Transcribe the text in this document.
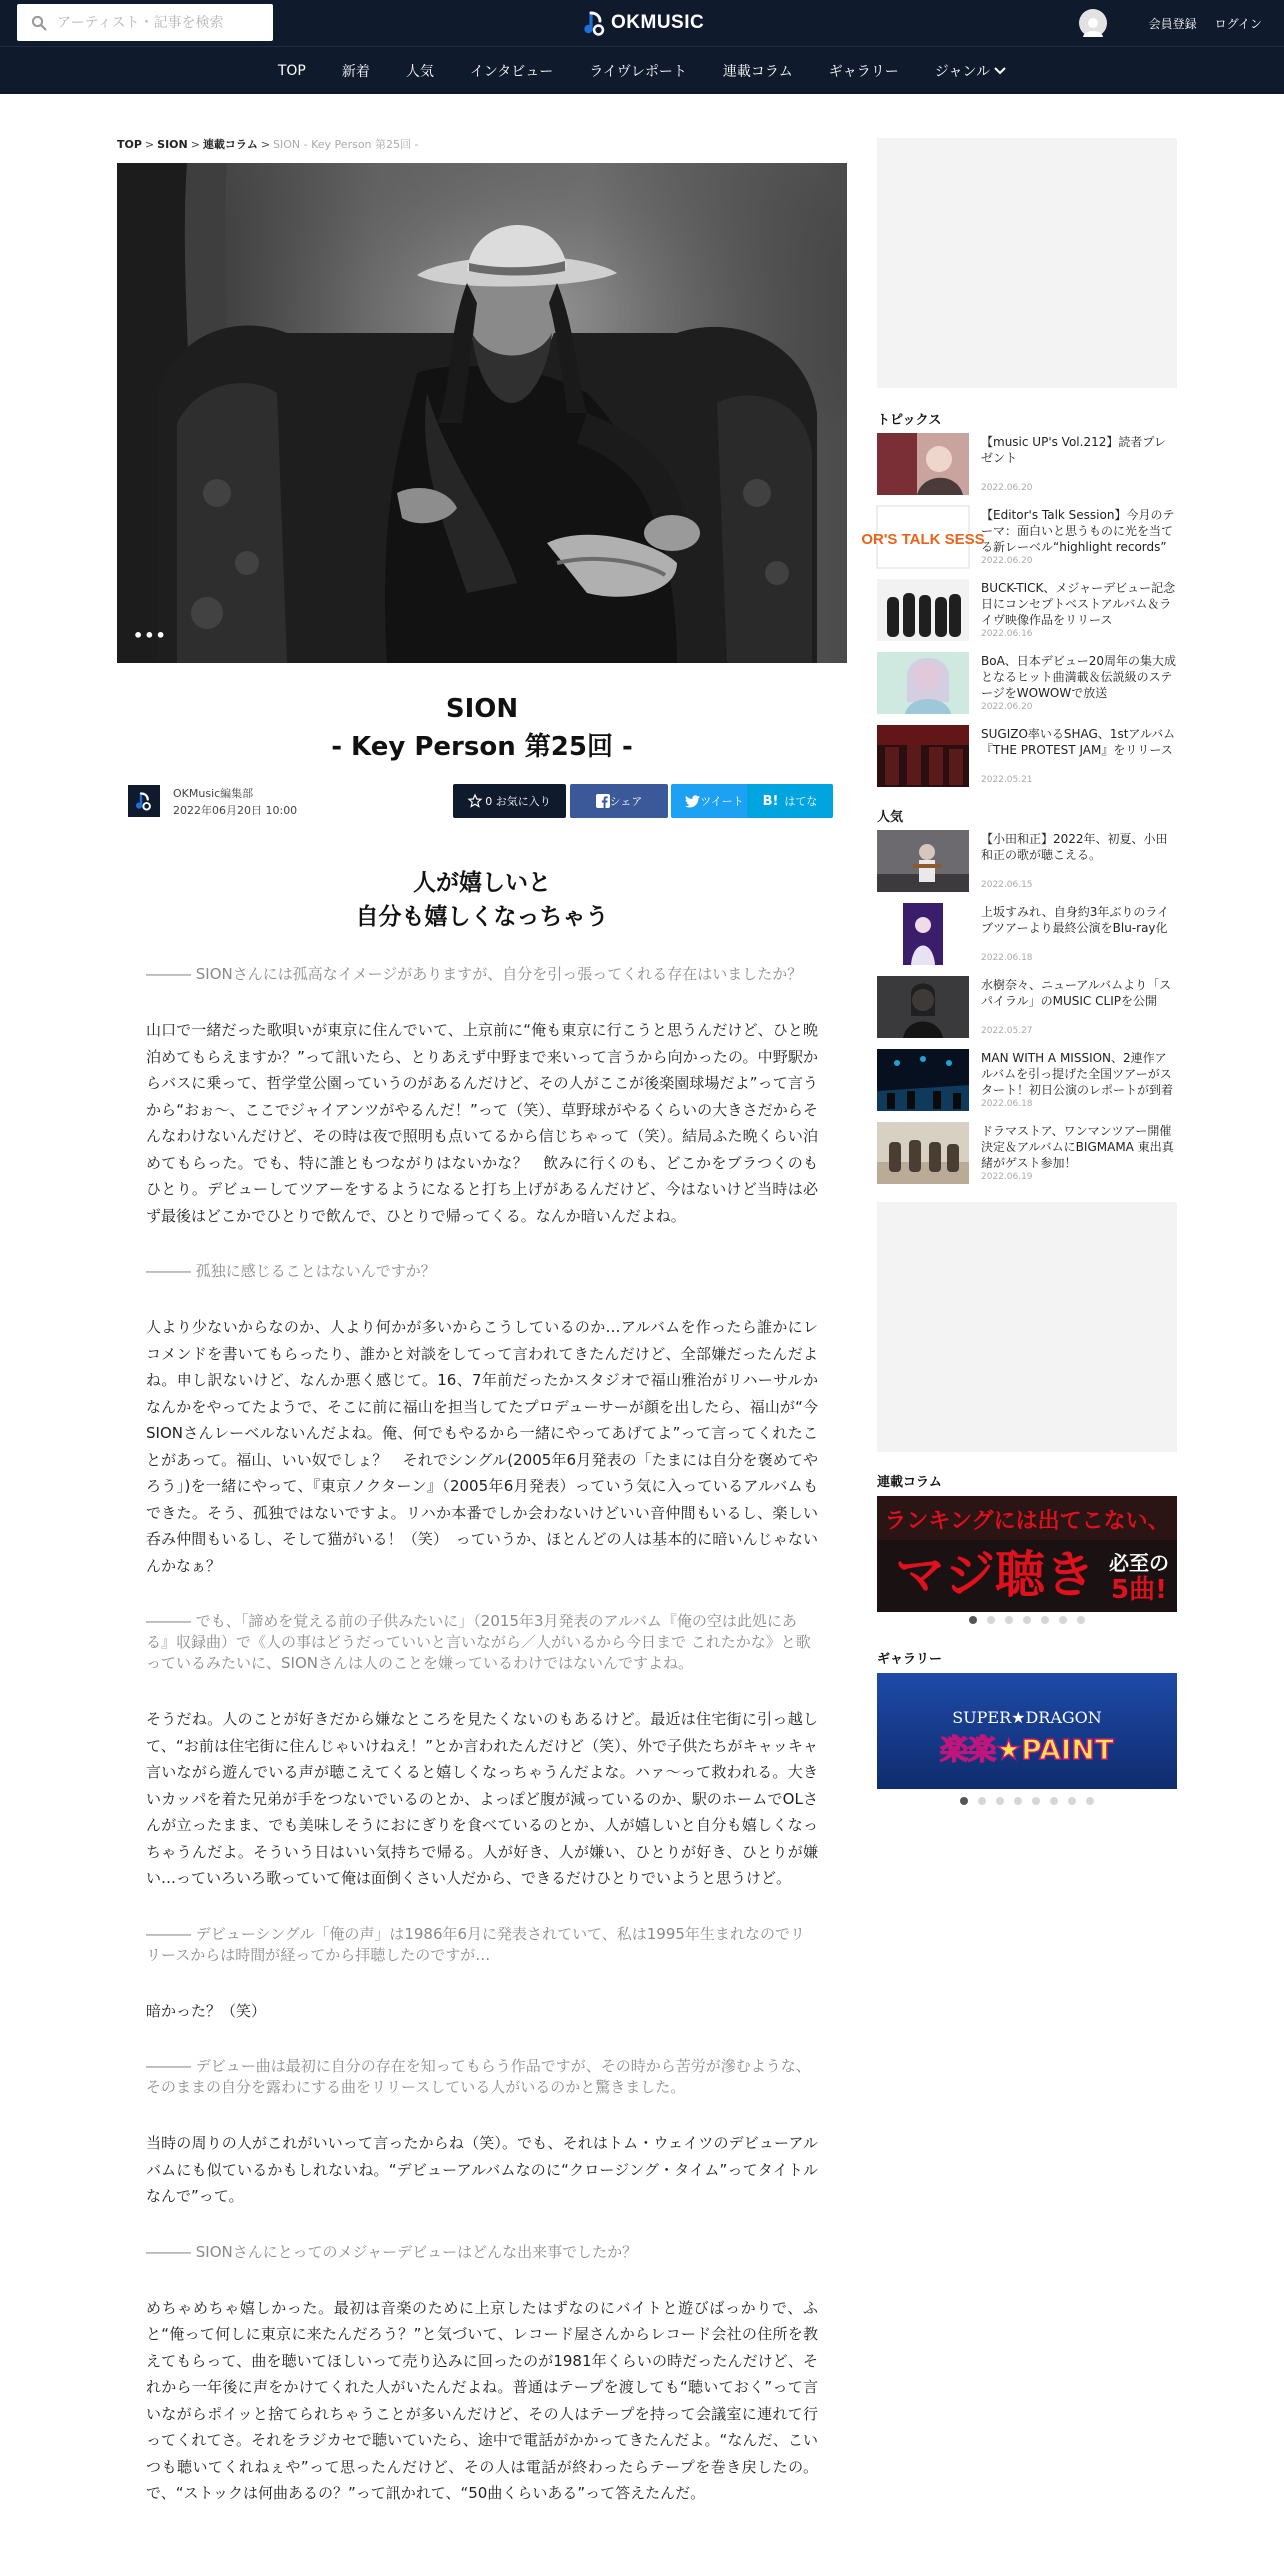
アーティスト・記事を検索
OKMUSIC	会員登録 ログイン
TOP	新着	人気	インタビュー	ライヴレポート	連載コラム	ギャラリー	ジャンル
TOP > SION > 連載コラム > SION - Key Person 第25回 -
•••
SION
- Key Person 第25回 -
OKMusic編集部
2022年06月20日 10:00
0 お気に入り	シェア	ツイート B! はてな
人が嬉しいと
自分も嬉しくなっちゃう

――― SIONさんには孤高なイメージがありますが、自分を引っ張ってくれる存在はいましたか？

山口で一緒だった歌唄いが東京に住んでいて、上京前に“俺も東京に行こうと思うんだけど、ひと晩泊めてもらえますか？”って訊いたら、とりあえず中野まで来いって言うから向かったの。中野駅からバスに乗って、哲学堂公園っていうのがあるんだけど、その人がここが後楽園球場だよ”って言うから“おぉ～、ここでジャイアンツがやるんだ！”って（笑）、草野球がやるくらいの大きさだからそんなわけないんだけど、その時は夜で照明も点いてるから信じちゃって（笑）。結局ふた晩くらい泊めてもらった。でも、特に誰ともつながりはないかな？　飲みに行くのも、どこかをブラつくのもひとり。デビューしてツアーをするようになると打ち上げがあるんだけど、今はないけど当時は必ず最後はどこかでひとりで飲んで、ひとりで帰ってくる。なんか暗いんだよね。

――― 孤独に感じることはないんですか？

人より少ないからなのか、人より何かが多いからこうしているのか…アルバムを作ったら誰かにレコメンドを書いてもらったり、誰かと対談をしてって言われてきたんだけど、全部嫌だったんだよね。申し訳ないけど、なんか悪く感じて。16、7年前だったかスタジオで福山雅治がリハーサルかなんかをやってたようで、そこに前に福山を担当してたプロデューサーが顔を出したら、福山が“今SIONさんレーベルないんだよね。俺、何でもやるから一緒にやってあげてよ”って言ってくれたことがあって。福山、いい奴でしょ？　それでシングル(2005年6月発表の「たまには自分を褒めてやろう」)を一緒にやって、『東京ノクターン』（2005年6月発表）っていう気に入っているアルバムもできた。そう、孤独ではないですよ。リハか本番でしか会わないけどいい音仲間もいるし、楽しい呑み仲間もいるし、そして猫がいる！（笑）　っていうか、ほとんどの人は基本的に暗いんじゃないんかなぁ？

――― でも、「諦めを覚える前の子供みたいに」（2015年3月発表のアルバム『俺の空は此処にある』収録曲）で《人の事はどうだっていいと言いながら／人がいるから今日まで これたかな》と歌っているみたいに、SIONさんは人のことを嫌っているわけではないんですよね。

そうだね。人のことが好きだから嫌なところを見たくないのもあるけど。最近は住宅街に引っ越して、“お前は住宅街に住んじゃいけねえ！”とか言われたんだけど（笑）、外で子供たちがキャッキャ言いながら遊んでいる声が聴こえてくると嬉しくなっちゃうんだよな。ハァ〜って救われる。大きいカッパを着た兄弟が手をつないでいるのとか、よっぽど腹が減っているのか、駅のホームでOLさんが立ったまま、でも美味しそうにおにぎりを食べているのとか、人が嬉しいと自分も嬉しくなっちゃうんだよ。そういう日はいい気持ちで帰る。人が好き、人が嫌い、ひとりが好き、ひとりが嫌い…っていろいろ歌っていて俺は面倒くさい人だから、できるだけひとりでいようと思うけど。

――― デビューシングル「俺の声」は1986年6月に発表されていて、私は1995年生まれなのでリリースからは時間が経ってから拝聴したのですが…

暗かった？（笑）

――― デビュー曲は最初に自分の存在を知ってもらう作品ですが、その時から苦労が滲むような、そのままの自分を露わにする曲をリリースしている人がいるのかと驚きました。

当時の周りの人がこれがいいって言ったからね（笑）。でも、それはトム・ウェイツのデビューアルバムにも似ているかもしれないね。“デビューアルバムなのに“クロージング・タイム”ってタイトルなんで”って。

――― SIONさんにとってのメジャーデビューはどんな出来事でしたか？

めちゃめちゃ嬉しかった。最初は音楽のために上京したはずなのにバイトと遊びばっかりで、ふと“俺って何しに東京に来たんだろう？”と気づいて、レコード屋さんからレコード会社の住所を教えてもらって、曲を聴いてほしいって売り込みに回ったのが1981年くらいの時だったんだけど、それから一年後に声をかけてくれた人がいたんだよね。普通はテープを渡しても“聴いておく”って言いながらポイッと捨てられちゃうことが多いんだけど、その人はテープを持って会議室に連れて行ってくれてさ。それをラジカセで聴いていたら、途中で電話がかかってきたんだよ。“なんだ、こいつも聴いてくれねぇや”って思ったんだけど、その人は電話が終わったらテープを巻き戻したの。で、“ストックは何曲あるの？”って訊かれて、“50曲くらいある”って答えたんだ。

トピックス
【music UP's Vol.212】読者プレゼント
2022.06.20
OR'S TALK SESS
【Editor's Talk Session】今月のテーマ：面白いと思うものに光を当てる新レーベル“highlight records”
2022.06.20
BUCK-TICK、メジャーデビュー記念日にコンセプトベストアルバム＆ライヴ映像作品をリリース
2022.06.16
BoA、日本デビュー20周年の集大成となるヒット曲満載＆伝説級のステージをWOWOWで放送
2022.06.20
SUGIZO率いるSHAG、1stアルバム『THE PROTEST JAM』をリリース
2022.05.21
人気
【小田和正】2022年、初夏、小田和正の歌が聴こえる。
2022.06.15
上坂すみれ、自身約3年ぶりのライブツアーより最終公演をBlu-ray化
2022.06.18
水樹奈々、ニューアルバムより「スパイラル」のMUSIC CLIPを公開
2022.05.27
MAN WITH A MISSION、2連作アルバムを引っ提げた全国ツアーがスタート！初日公演のレポートが到着
2022.06.18
ドラマストア、ワンマンツアー開催決定＆アルバムにBIGMAMA 東出真緒がゲスト参加！
2022.06.19
連載コラム
ランキングには出てこない、
マジ聴き 必至の
5曲!
ギャラリー
SUPER★DRAGON
楽楽★PAINT
